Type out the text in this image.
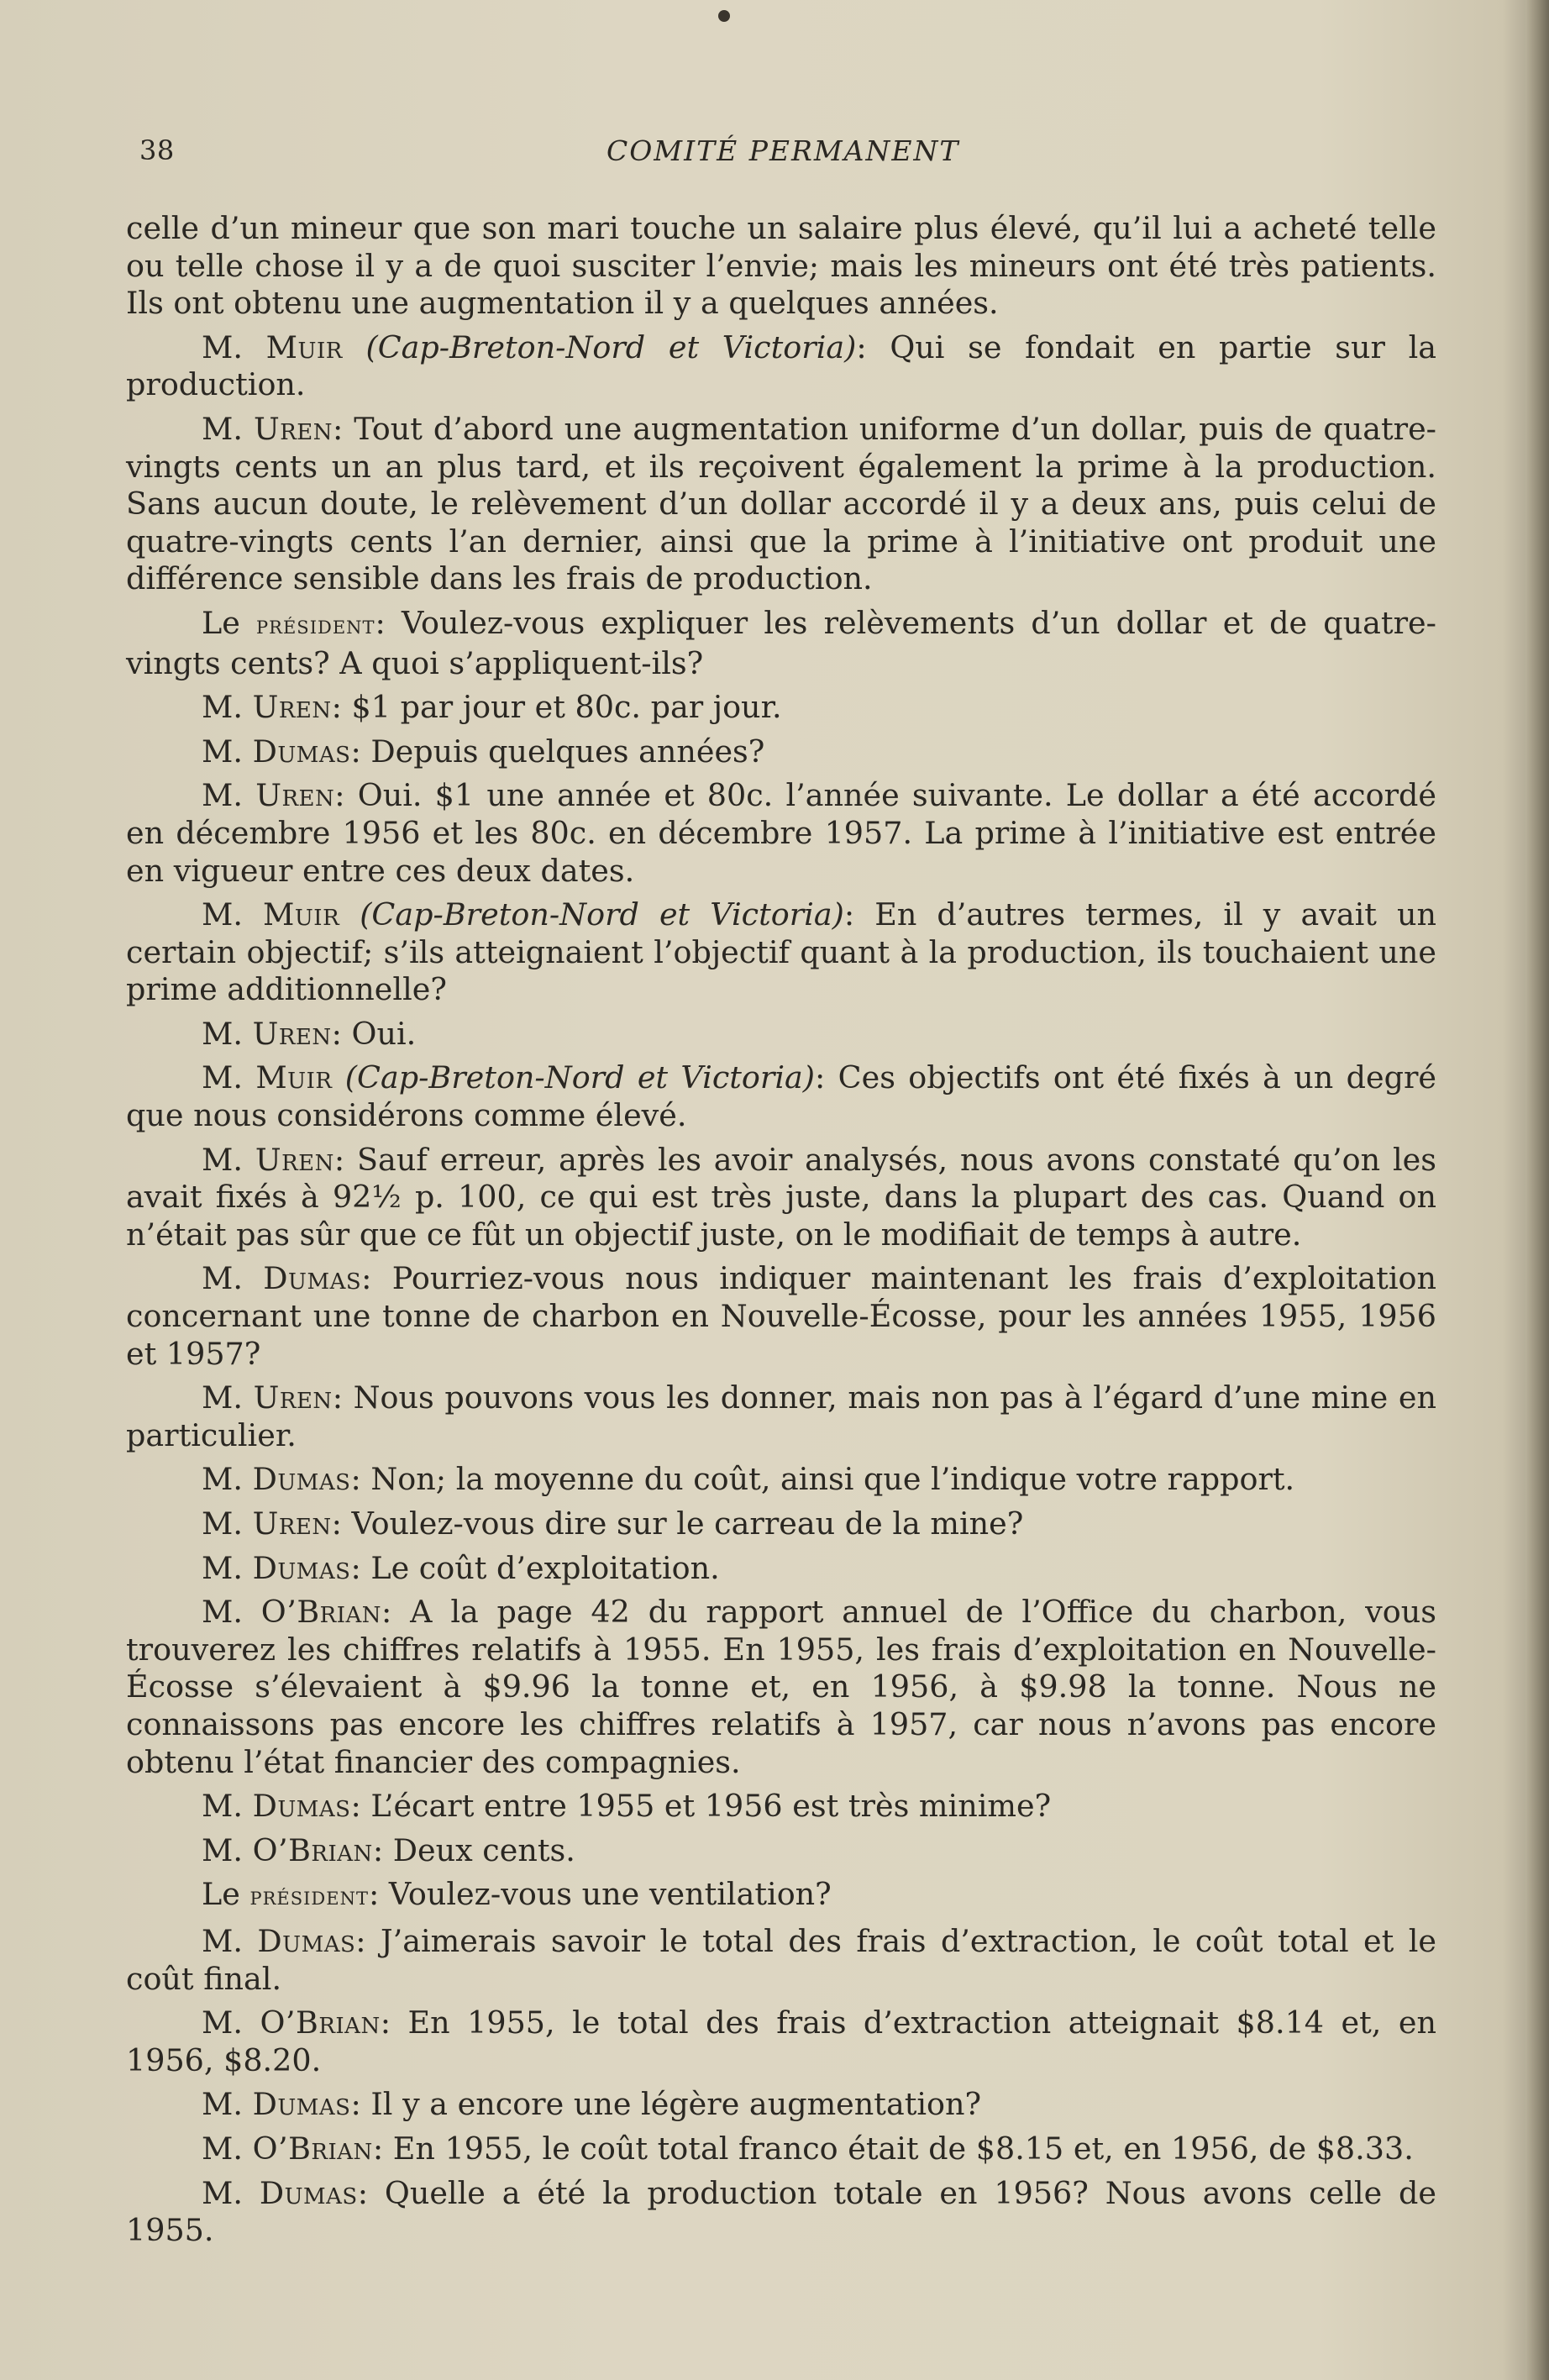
38	COMITÉ PERMANENT

celle d’un mineur que son mari touche un salaire plus élevé, qu’il lui a acheté telle ou telle chose il y a de quoi susciter l’envie; mais les mineurs ont été très patients. Ils ont obtenu une augmentation il y a quelques années.

M. Muir (Cap-Breton-Nord et Victoria): Qui se fondait en partie sur la production.

M. Uren: Tout d’abord une augmentation uniforme d’un dollar, puis de quatre-vingts cents un an plus tard, et ils reçoivent également la prime à la production. Sans aucun doute, le relèvement d’un dollar accordé il y a deux ans, puis celui de quatre-vingts cents l’an dernier, ainsi que la prime à l’initiative ont produit une différence sensible dans les frais de production.

Le président: Voulez-vous expliquer les relèvements d’un dollar et de quatre-vingts cents? A quoi s’appliquent-ils?

M. Uren: $1 par jour et 80c. par jour.

M. Dumas: Depuis quelques années?

M. Uren: Oui. $1 une année et 80c. l’année suivante. Le dollar a été accordé en décembre 1956 et les 80c. en décembre 1957. La prime à l’initiative est entrée en vigueur entre ces deux dates.

M. Muir (Cap-Breton-Nord et Victoria): En d’autres termes, il y avait un certain objectif; s’ils atteignaient l’objectif quant à la production, ils touchaient une prime additionnelle?

M. Uren: Oui.

M. Muir (Cap-Breton-Nord et Victoria): Ces objectifs ont été fixés à un degré que nous considérons comme élevé.

M. Uren: Sauf erreur, après les avoir analysés, nous avons constaté qu’on les avait fixés à 92½ p. 100, ce qui est très juste, dans la plupart des cas. Quand on n’était pas sûr que ce fût un objectif juste, on le modifiait de temps à autre.

M. Dumas: Pourriez-vous nous indiquer maintenant les frais d’exploitation concernant une tonne de charbon en Nouvelle-Écosse, pour les années 1955, 1956 et 1957?

M. Uren: Nous pouvons vous les donner, mais non pas à l’égard d’une mine en particulier.

M. Dumas: Non; la moyenne du coût, ainsi que l’indique votre rapport.

M. Uren: Voulez-vous dire sur le carreau de la mine?

M. Dumas: Le coût d’exploitation.

M. O’Brian: A la page 42 du rapport annuel de l’Office du charbon, vous trouverez les chiffres relatifs à 1955. En 1955, les frais d’exploitation en Nouvelle-Écosse s’élevaient à $9.96 la tonne et, en 1956, à $9.98 la tonne. Nous ne connaissons pas encore les chiffres relatifs à 1957, car nous n’avons pas encore obtenu l’état financier des compagnies.

M. Dumas: L’écart entre 1955 et 1956 est très minime?

M. O’Brian: Deux cents.

Le président: Voulez-vous une ventilation?

M. Dumas: J’aimerais savoir le total des frais d’extraction, le coût total et le coût final.

M. O’Brian: En 1955, le total des frais d’extraction atteignait $8.14 et, en 1956, $8.20.

M. Dumas: Il y a encore une légère augmentation?

M. O’Brian: En 1955, le coût total franco était de $8.15 et, en 1956, de $8.33.

M. Dumas: Quelle a été la production totale en 1956? Nous avons celle de 1955.
